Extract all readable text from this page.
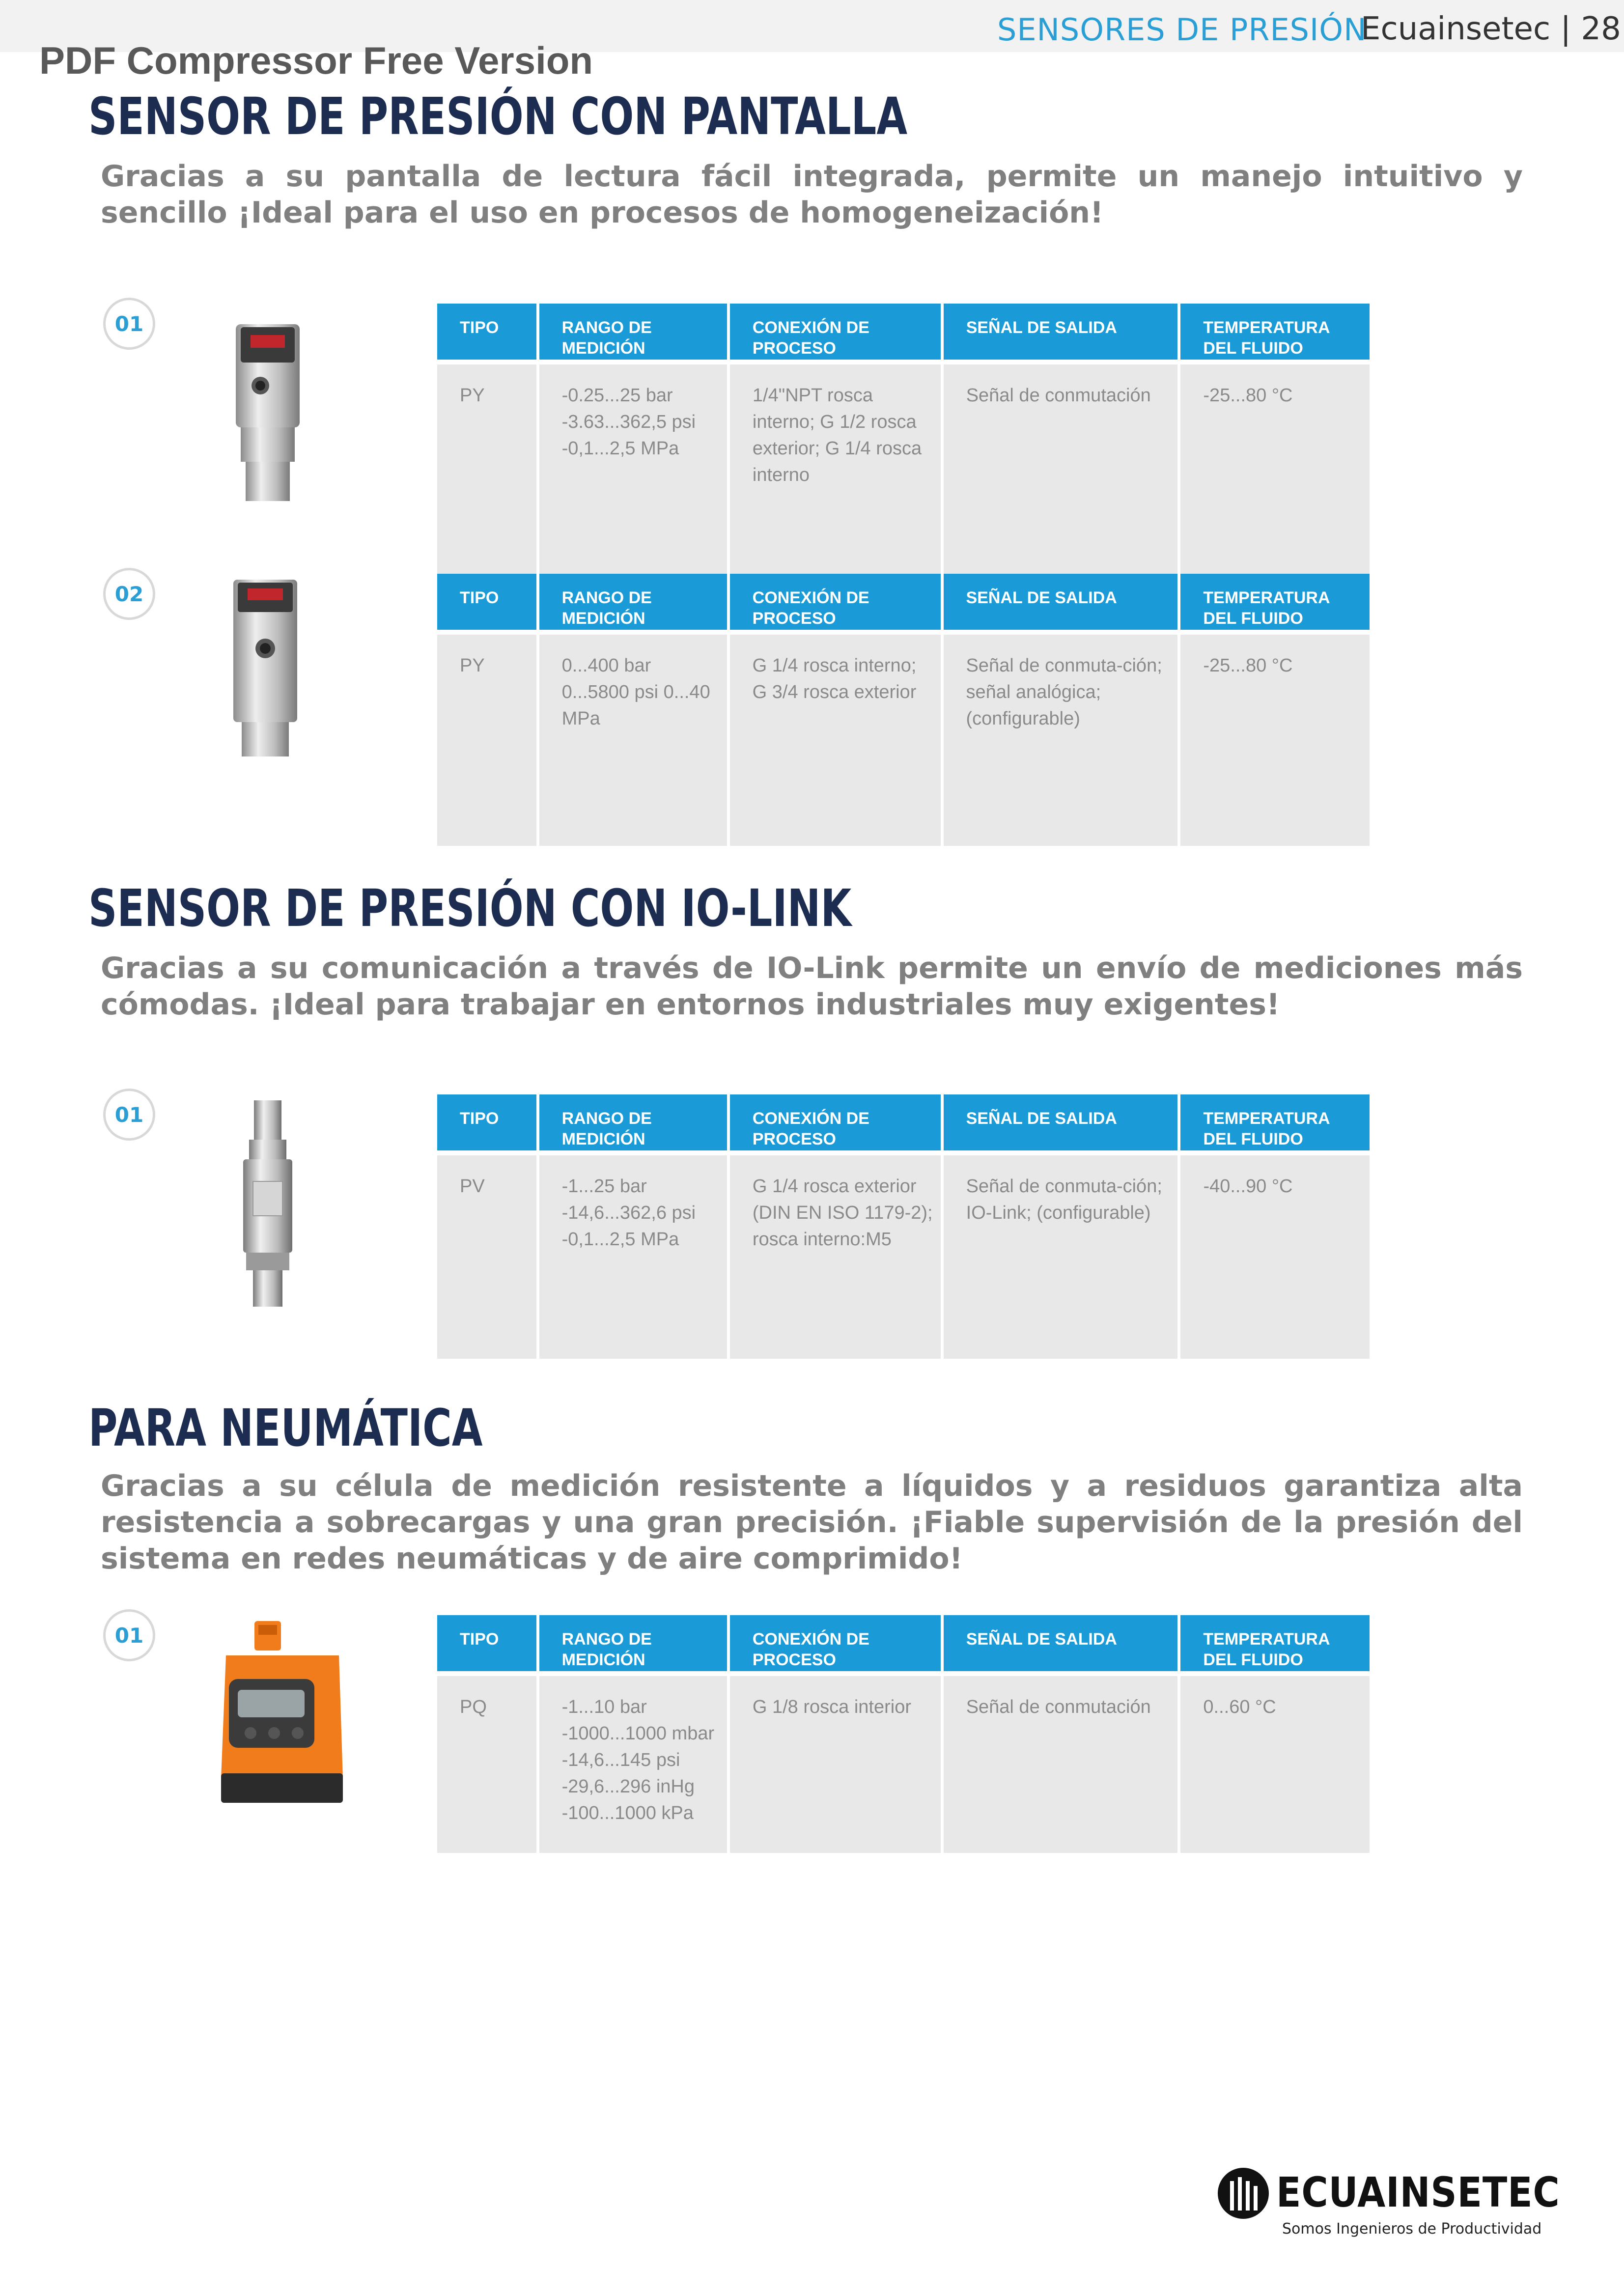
PDF Compressor Free Version
SENSORES DE PRESIÓN
Ecuainsetec | 28
SENSOR DE PRESIÓN CON PANTALLA
Gracias a su pantalla de lectura fácil integrada, permite un manejo intuitivo y sencillo ¡Ideal para el uso en procesos de homogeneización!
01	TIPO	RANGO DE MEDICIÓN	CONEXIÓN DE PROCESO	SEÑAL DE SALIDA	TEMPERATURA DEL FLUIDO
PY	-0.25...25 bar -3.63...362,5 psi -0,1...2,5 MPa	1/4"NPT rosca interno; G 1/2 rosca exterior; G 1/4 rosca interno	Señal de conmutación	-25...80 °C
02	TIPO	RANGO DE MEDICIÓN	CONEXIÓN DE PROCESO	SEÑAL DE SALIDA	TEMPERATURA DEL FLUIDO
PY	0...400 bar 0...5800 psi 0...40 MPa	G 1/4 rosca interno; G 3/4 rosca exterior	Señal de conmuta-ción; señal analógica; (configurable)	-25...80 °C
SENSOR DE PRESIÓN CON IO-LINK
Gracias a su comunicación a través de IO-Link permite un envío de mediciones más cómodas. ¡Ideal para trabajar en entornos industriales muy exigentes!
01	TIPO	RANGO DE MEDICIÓN	CONEXIÓN DE PROCESO	SEÑAL DE SALIDA	TEMPERATURA DEL FLUIDO
PV	-1...25 bar -14,6...362,6 psi -0,1...2,5 MPa	G 1/4 rosca exterior (DIN EN ISO 1179-2); rosca interno:M5	Señal de conmuta-ción; IO-Link; (configurable)	-40...90 °C
PARA NEUMÁTICA
Gracias a su célula de medición resistente a líquidos y a residuos garantiza alta resistencia a sobrecargas y una gran precisión. ¡Fiable supervisión de la presión del sistema en redes neumáticas y de aire comprimido!
01	TIPO	RANGO DE MEDICIÓN	CONEXIÓN DE PROCESO	SEÑAL DE SALIDA	TEMPERATURA DEL FLUIDO
PQ	-1...10 bar -1000...1000 mbar -14,6...145 psi -29,6...296 inHg -100...1000 kPa	G 1/8 rosca interior	Señal de conmutación	0...60 °C
ECUAINSETEC
Somos Ingenieros de Productividad
